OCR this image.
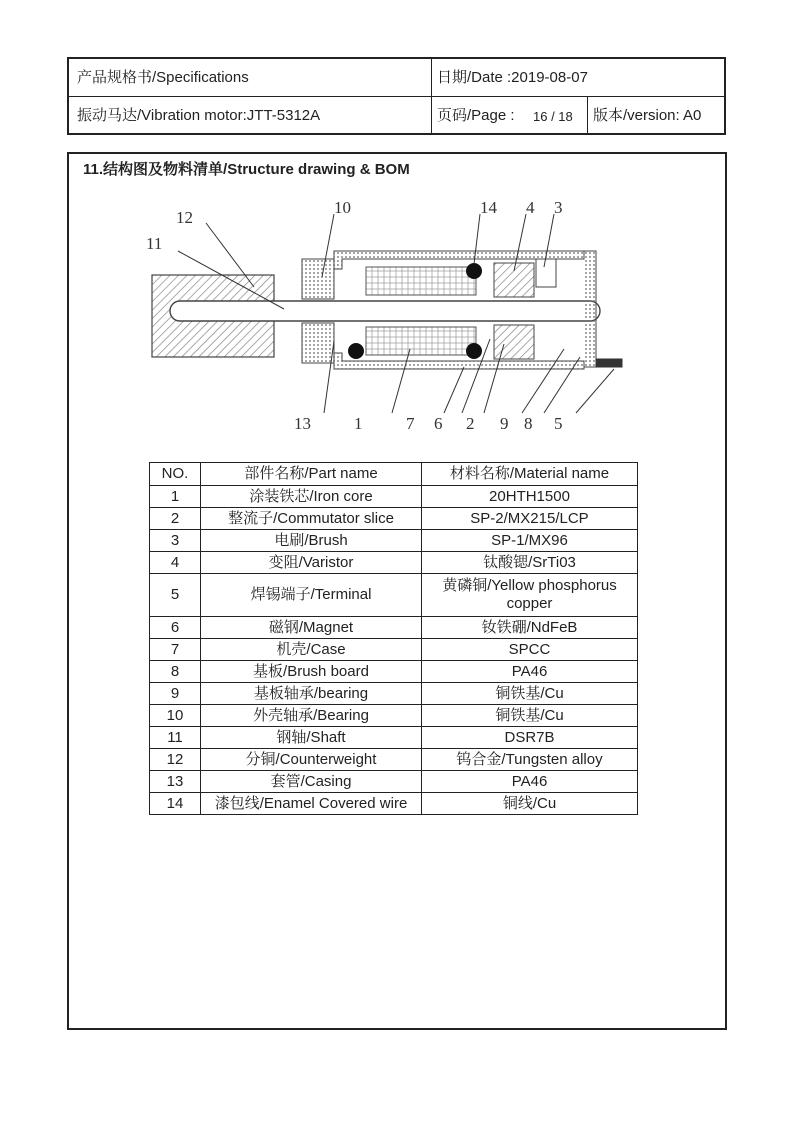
产品规格书/Specifications	日期/Date :2019-08-07
振动马达/Vibration motor:JTT-5312A	页码/Page : 16 / 18 版本/version: A0
11.结构图及物料清单/Structure drawing & BOM
10	14 4 3
12
11
13	1	7 6 2 9 8 5
NO.	部件名称/Part name	材料名称/Material name
1	涂装铁芯/Iron core	20HTH1500
2	整流子/Commutator slice	SP-2/MX215/LCP
3	电刷/Brush	SP-1/MX96
4	变阻/Varistor	钛酸锶/SrTi03
5	焊锡端子/Terminal	黄磷铜/Yellow phosphorus copper
6	磁钢/Magnet	钕铁硼/NdFeB
7	机壳/Case	SPCC
8	基板/Brush board	PA46
9	基板轴承/bearing	铜铁基/Cu
10	外壳轴承/Bearing	铜铁基/Cu
11	钢轴/Shaft	DSR7B
12	分铜/Counterweight	钨合金/Tungsten alloy
13	套管/Casing	PA46
14	漆包线/Enamel Covered wire	铜线/Cu
